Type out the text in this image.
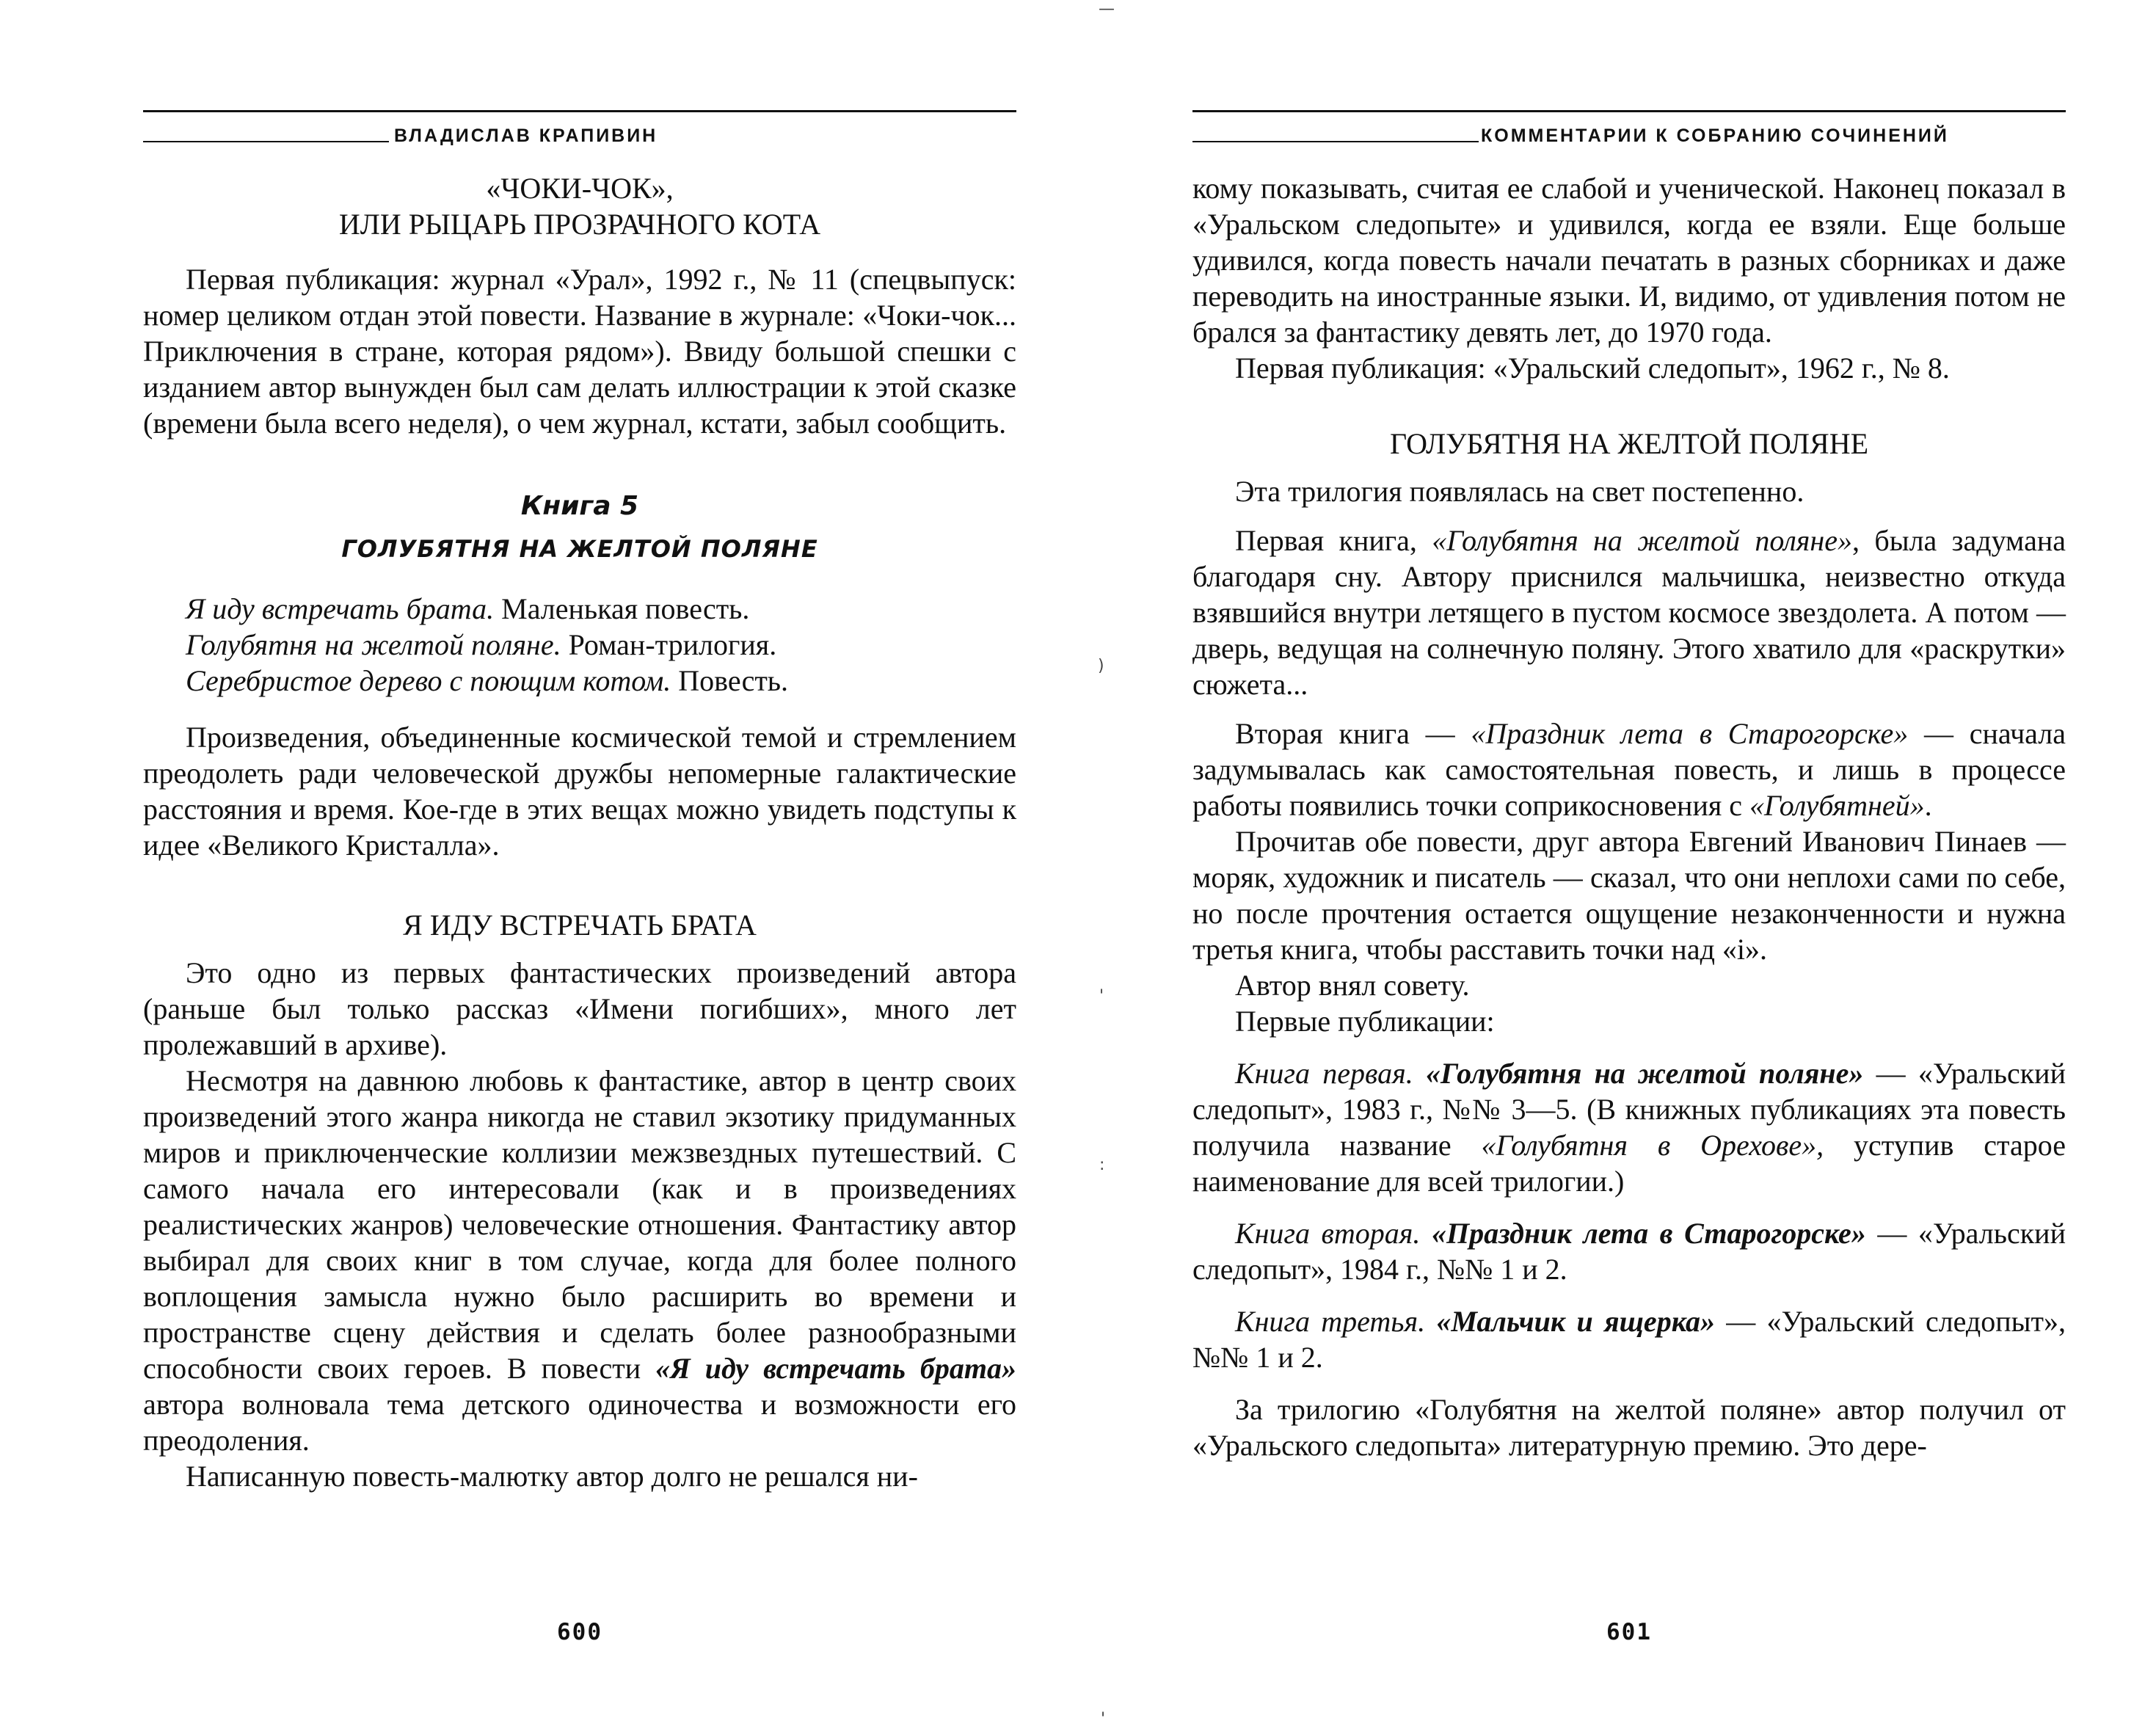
ВЛАДИСЛАВ КРАПИВИН
«ЧОКИ-ЧОК»,
ИЛИ РЫЦАРЬ ПРОЗРАЧНОГО КОТА

Первая публикация: журнал «Урал», 1992 г., № 11 (спецвыпуск: номер целиком отдан этой повести. Название в журнале: «Чоки-чок... Приключения в стране, которая рядом»). Ввиду большой спешки с изданием автор вынужден был сам делать иллюстрации к этой сказке (времени была всего неделя), о чем журнал, кстати, забыл сообщить.

Книга 5
ГОЛУБЯТНЯ НА ЖЕЛТОЙ ПОЛЯНЕ
Я иду встречать брата. Маленькая повесть.
Голубятня на желтой поляне. Роман-трилогия.
Серебристое дерево с поющим котом. Повесть.

Произведения, объединенные космической темой и стремлением преодолеть ради человеческой дружбы непомерные галактические расстояния и время. Кое-где в этих вещах можно увидеть подступы к идее «Великого Кристалла».

Я ИДУ ВСТРЕЧАТЬ БРАТА

Это одно из первых фантастических произведений автора (раньше был только рассказ «Имени погибших», много лет пролежавший в архиве).

Несмотря на давнюю любовь к фантастике, автор в центр своих произведений этого жанра никогда не ставил экзотику придуманных миров и приключенческие коллизии межзвездных путешествий. С самого начала его интересовали (как и в произведениях реалистических жанров) человеческие отношения. Фантастику автор выбирал для своих книг в том случае, когда для более полного воплощения замысла нужно было расширить во времени и пространстве сцену действия и сделать более разнообразными способности своих героев. В повести «Я иду встречать брата» автора волновала тема детского одиночества и возможности его преодоления.

Написанную повесть-малютку автор долго не решался ни-

600
—
)
'
:
'
КОММЕНТАРИИ К СОБРАНИЮ СОЧИНЕНИЙ

кому показывать, считая ее слабой и ученической. Наконец показал в «Уральском следопыте» и удивился, когда ее взяли. Еще больше удивился, когда повесть начали печатать в разных сборниках и даже переводить на иностранные языки. И, видимо, от удивления потом не брался за фантастику девять лет, до 1970 года.

Первая публикация: «Уральский следопыт», 1962 г., № 8.

ГОЛУБЯТНЯ НА ЖЕЛТОЙ ПОЛЯНЕ

Эта трилогия появлялась на свет постепенно.

Первая книга, «Голубятня на желтой поляне», была задумана благодаря сну. Автору приснился мальчишка, неизвестно откуда взявшийся внутри летящего в пустом космосе звездолета. А потом — дверь, ведущая на солнечную поляну. Этого хватило для «раскрутки» сюжета...

Вторая книга — «Праздник лета в Старогорске» — сначала задумывалась как самостоятельная повесть, и лишь в процессе работы появились точки соприкосновения с «Голубятней».

Прочитав обе повести, друг автора Евгений Иванович Пинаев — моряк, художник и писатель — сказал, что они неплохи сами по себе, но после прочтения остается ощущение незаконченности и нужна третья книга, чтобы расставить точки над «i».

Автор внял совету.

Первые публикации:

Книга первая. «Голубятня на желтой поляне» — «Уральский следопыт», 1983 г., №№ 3—5. (В книжных публикациях эта повесть получила название «Голубятня в Орехове», уступив старое наименование для всей трилогии.)

Книга вторая. «Праздник лета в Старогорске» — «Уральский следопыт», 1984 г., №№ 1 и 2.

Книга третья. «Мальчик и ящерка» — «Уральский следопыт», №№ 1 и 2.

За трилогию «Голубятня на желтой поляне» автор получил от «Уральского следопыта» литературную премию. Это дере-

601
